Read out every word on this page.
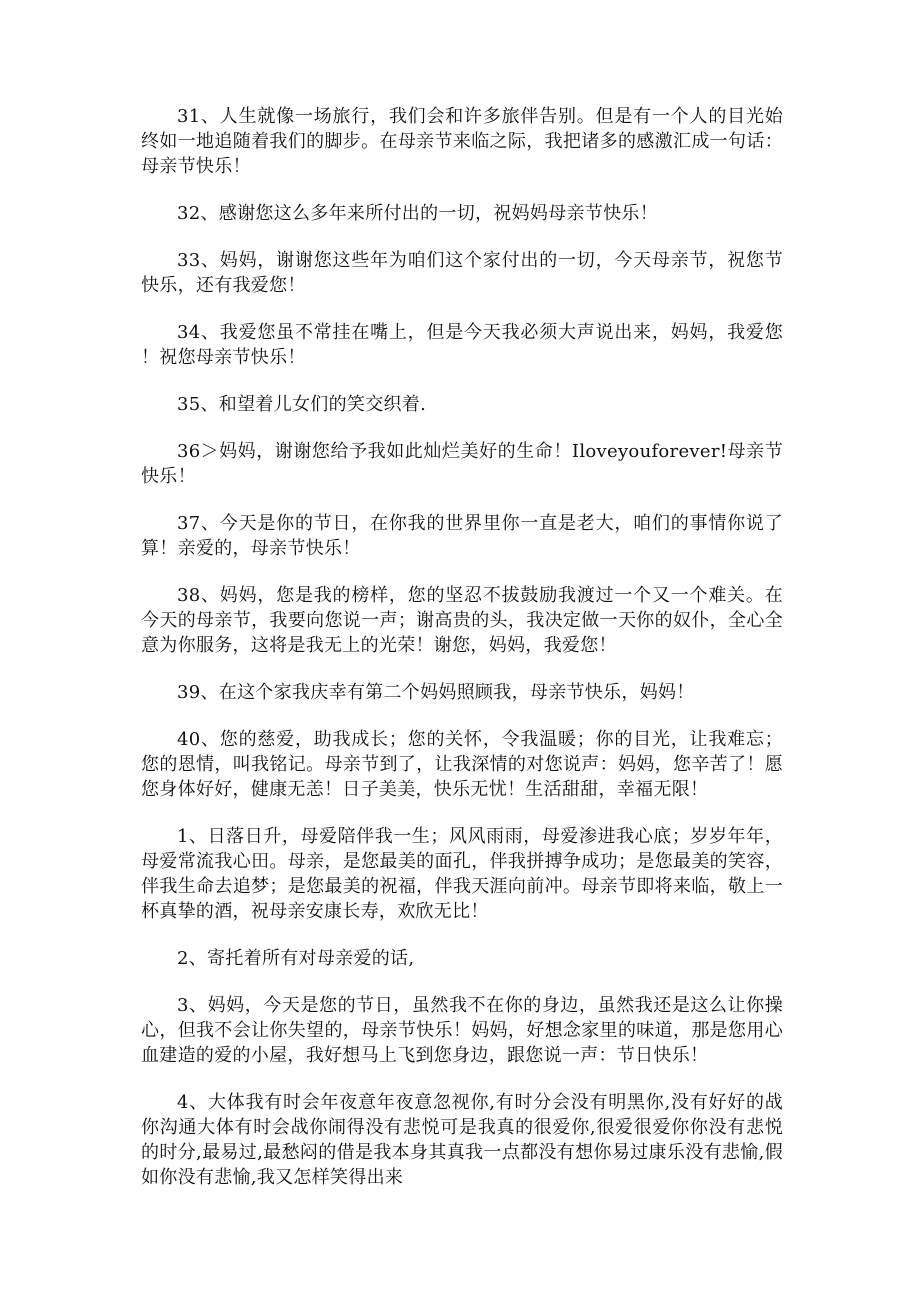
31、人生就像一场旅行，我们会和许多旅伴告别。但是有一个人的目光始终如一地追随着我们的脚步。在母亲节来临之际，我把诸多的感激汇成一句话：母亲节快乐！

32、感谢您这么多年来所付出的一切，祝妈妈母亲节快乐！

33、妈妈，谢谢您这些年为咱们这个家付出的一切，今天母亲节，祝您节快乐，还有我爱您！

34、我爱您虽不常挂在嘴上，但是今天我必须大声说出来，妈妈，我爱您！祝您母亲节快乐！

35、和望着儿女们的笑交织着.

36＞妈妈，谢谢您给予我如此灿烂美好的生命！Iloveyouforever!母亲节快乐！

37、今天是你的节日，在你我的世界里你一直是老大，咱们的事情你说了算！亲爱的，母亲节快乐！

38、妈妈，您是我的榜样，您的坚忍不拔鼓励我渡过一个又一个难关。在今天的母亲节，我要向您说一声；谢高贵的头，我决定做一天你的奴仆，全心全意为你服务，这将是我无上的光荣！谢您，妈妈，我爱您！

39、在这个家我庆幸有第二个妈妈照顾我，母亲节快乐，妈妈！

40、您的慈爱，助我成长；您的关怀，令我温暖；你的目光，让我难忘；您的恩情，叫我铭记。母亲节到了，让我深情的对您说声：妈妈，您辛苦了！愿您身体好好，健康无恙！日子美美，快乐无忧！生活甜甜，幸福无限！

1、日落日升，母爱陪伴我一生；风风雨雨，母爱渗进我心底；岁岁年年，母爱常流我心田。母亲，是您最美的面孔，伴我拼搏争成功；是您最美的笑容，伴我生命去追梦；是您最美的祝福，伴我天涯向前冲。母亲节即将来临，敬上一杯真挚的酒，祝母亲安康长寿，欢欣无比！

2、寄托着所有对母亲爱的话,

3、妈妈，今天是您的节日，虽然我不在你的身边，虽然我还是这么让你操心，但我不会让你失望的，母亲节快乐！妈妈，好想念家里的味道，那是您用心血建造的爱的小屋，我好想马上飞到您身边，跟您说一声：节日快乐！

4、大体我有时会年夜意年夜意忽视你,有时分会没有明黑你,没有好好的战你沟通大体有时会战你闹得没有悲悦可是我真的很爱你,很爱很爱你你没有悲悦的时分,最易过,最愁闷的借是我本身其真我一点都没有想你易过康乐没有悲愉,假如你没有悲愉,我又怎样笑得出来
